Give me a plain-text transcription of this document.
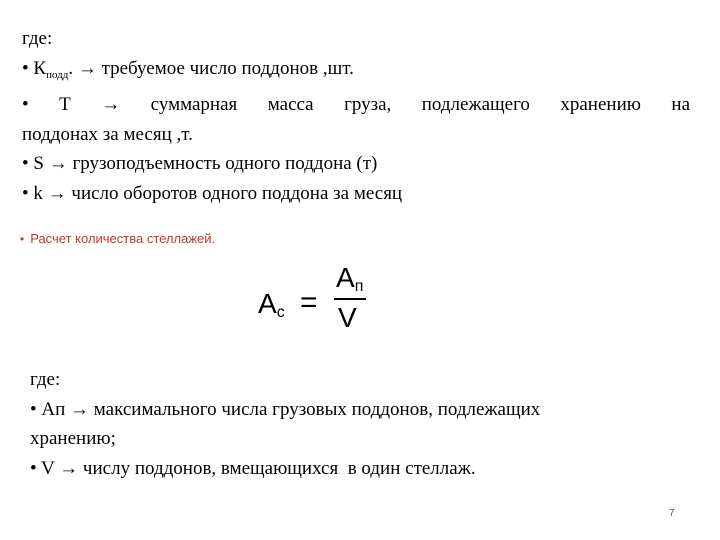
где:
• $К_{подд}$. → требуемое число поддонов ,шт.
• Т → суммарная масса груза, подлежащего хранению на
поддонах за месяц ,т.
• S → грузоподъемность одного поддона (т)
• k → число оборотов одного поддона за месяц
• Расчет количества стеллажей.
Ac =
Aп
V
где:
• Ап → максимального числа грузовых поддонов, подлежащих
хранению;
• V → числу поддонов, вмещающихся  в один стеллаж.
7
